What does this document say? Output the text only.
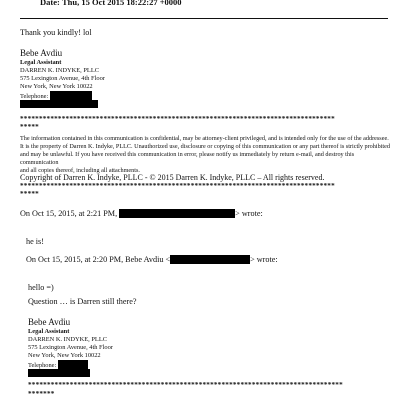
Date: Thu, 15 Oct 2015 18:22:27 +0000
Thank you kindly! lol
Bebe Avdiu
Legal Assistant
DARREN K. INDYKE, PLLC
575 Lexington Avenue, 4th Floor
New York, New York 10022
Telephone:
***********************************************************************************
*****
The information contained in this communication is confidential, may be attorney-client privileged, and is intended only for the use of the addressee.
It is the property of Darren K. Indyke, PLLC. Unauthorized use, disclosure or copying of this communication or any part thereof is strictly prohibited
and may be unlawful. If you have received this communication in error, please notify us immediately by return e-mail, and destroy this
communication
and all copies thereof, including all attachments.
Copyright of Darren K. Indyke, PLLC - © 2015 Darren K. Indyke, PLLC – All rights reserved.
***********************************************************************************
*****
On Oct 15, 2015, at 2:21 PM,	> wrote:
he is!
On Oct 15, 2015, at 2:20 PM, Bebe Avdiu <	> wrote:
hello =)
Question … is Darren still there?
Bebe Avdiu
Legal Assistant
DARREN K. INDYKE, PLLC
575 Lexington Avenue, 4th Floor
New York, New York 10022
Telephone:
***********************************************************************************
*******
